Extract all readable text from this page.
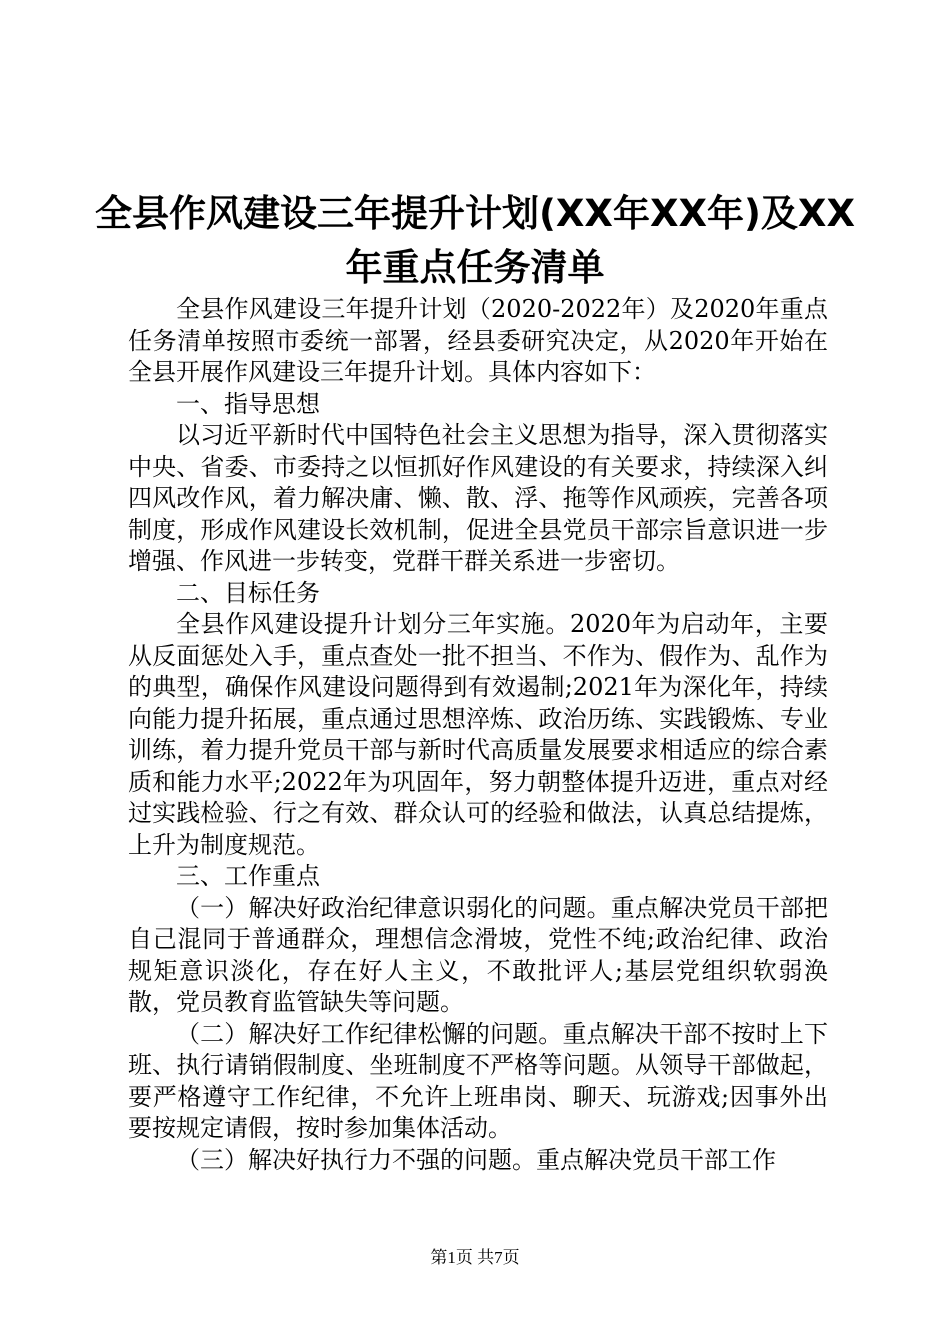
全县作风建设三年提升计划(XX年XX年)及XX
年重点任务清单

全县作风建设三年提升计划（2020-2022年）及2020年重点任务清单按照市委统一部署，经县委研究决定，从2020年开始在全县开展作风建设三年提升计划。具体内容如下：

一、指导思想

以习近平新时代中国特色社会主义思想为指导，深入贯彻落实中央、省委、市委持之以恒抓好作风建设的有关要求，持续深入纠四风改作风，着力解决庸、懒、散、浮、拖等作风顽疾，完善各项制度，形成作风建设长效机制，促进全县党员干部宗旨意识进一步增强、作风进一步转变，党群干群关系进一步密切。

二、目标任务

全县作风建设提升计划分三年实施。2020年为启动年，主要从反面惩处入手，重点查处一批不担当、不作为、假作为、乱作为的典型，确保作风建设问题得到有效遏制;2021年为深化年，持续向能力提升拓展，重点通过思想淬炼、政治历练、实践锻炼、专业训练，着力提升党员干部与新时代高质量发展要求相适应的综合素质和能力水平;2022年为巩固年，努力朝整体提升迈进，重点对经过实践检验、行之有效、群众认可的经验和做法，认真总结提炼，上升为制度规范。

三、工作重点

（一）解决好政治纪律意识弱化的问题。重点解决党员干部把自己混同于普通群众，理想信念滑坡，党性不纯;政治纪律、政治规矩意识淡化，存在好人主义，不敢批评人;基层党组织软弱涣散，党员教育监管缺失等问题。

（二）解决好工作纪律松懈的问题。重点解决干部不按时上下班、执行请销假制度、坐班制度不严格等问题。从领导干部做起，要严格遵守工作纪律，不允许上班串岗、聊天、玩游戏;因事外出要按规定请假，按时参加集体活动。

（三）解决好执行力不强的问题。重点解决党员干部工作

第1页 共7页
